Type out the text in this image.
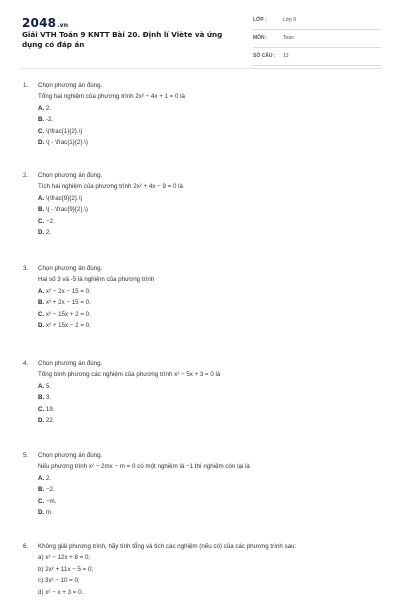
2048.vn
Giải VTH Toán 9 KNTT Bài 20. Định lí Viète và ứng dụng có đáp án
LỚP :	Lớp 9
MÔN :	Toán
SỐ CÂU : 13
1. Chọn phương án đúng.
Tổng hai nghiệm của phương trình 2x² − 4x + 1 = 0 là
A. 2.
B. -2.
C. \(\frac{1}{2}.\)
D. \( - \frac{1}{2}.\)
2. Chọn phương án đúng.
Tích hai nghiệm của phương trình 2x² + 4x − 9 = 0 là
A. \(\frac{9}{2}.\)
B. \( - \frac{9}{2}.\)
C. −2.
D. 2.
3. Chọn phương án đúng.
Hai số 3 và -5 là nghiệm của phương trình
A. x² − 2x − 15 = 0.
B. x² + 2x − 15 = 0.
C. x² − 15x + 2 = 0.
D. x² + 15x − 2 = 0.
4. Chọn phương án đúng.
Tổng bình phương các nghiệm của phương trình x² − 5x + 3 = 0 là
A. 5.
B. 3.
C. 19.
D. 22.
5. Chọn phương án đúng.
Nếu phương trình x² − 2mx − m = 0 có một nghiệm là −1 thì nghiệm còn lại là
A. 2.
B. −2.
C. −m.
D. m.
6. Không giải phương trình, hãy tính tổng và tích các nghiệm (nếu có) của các phương trình sau:
a) x² − 12x + 8 = 0;
b) 2x² + 11x − 5 = 0;
c) 3x² − 10 = 0;
d) x² − x + 3 = 0.
